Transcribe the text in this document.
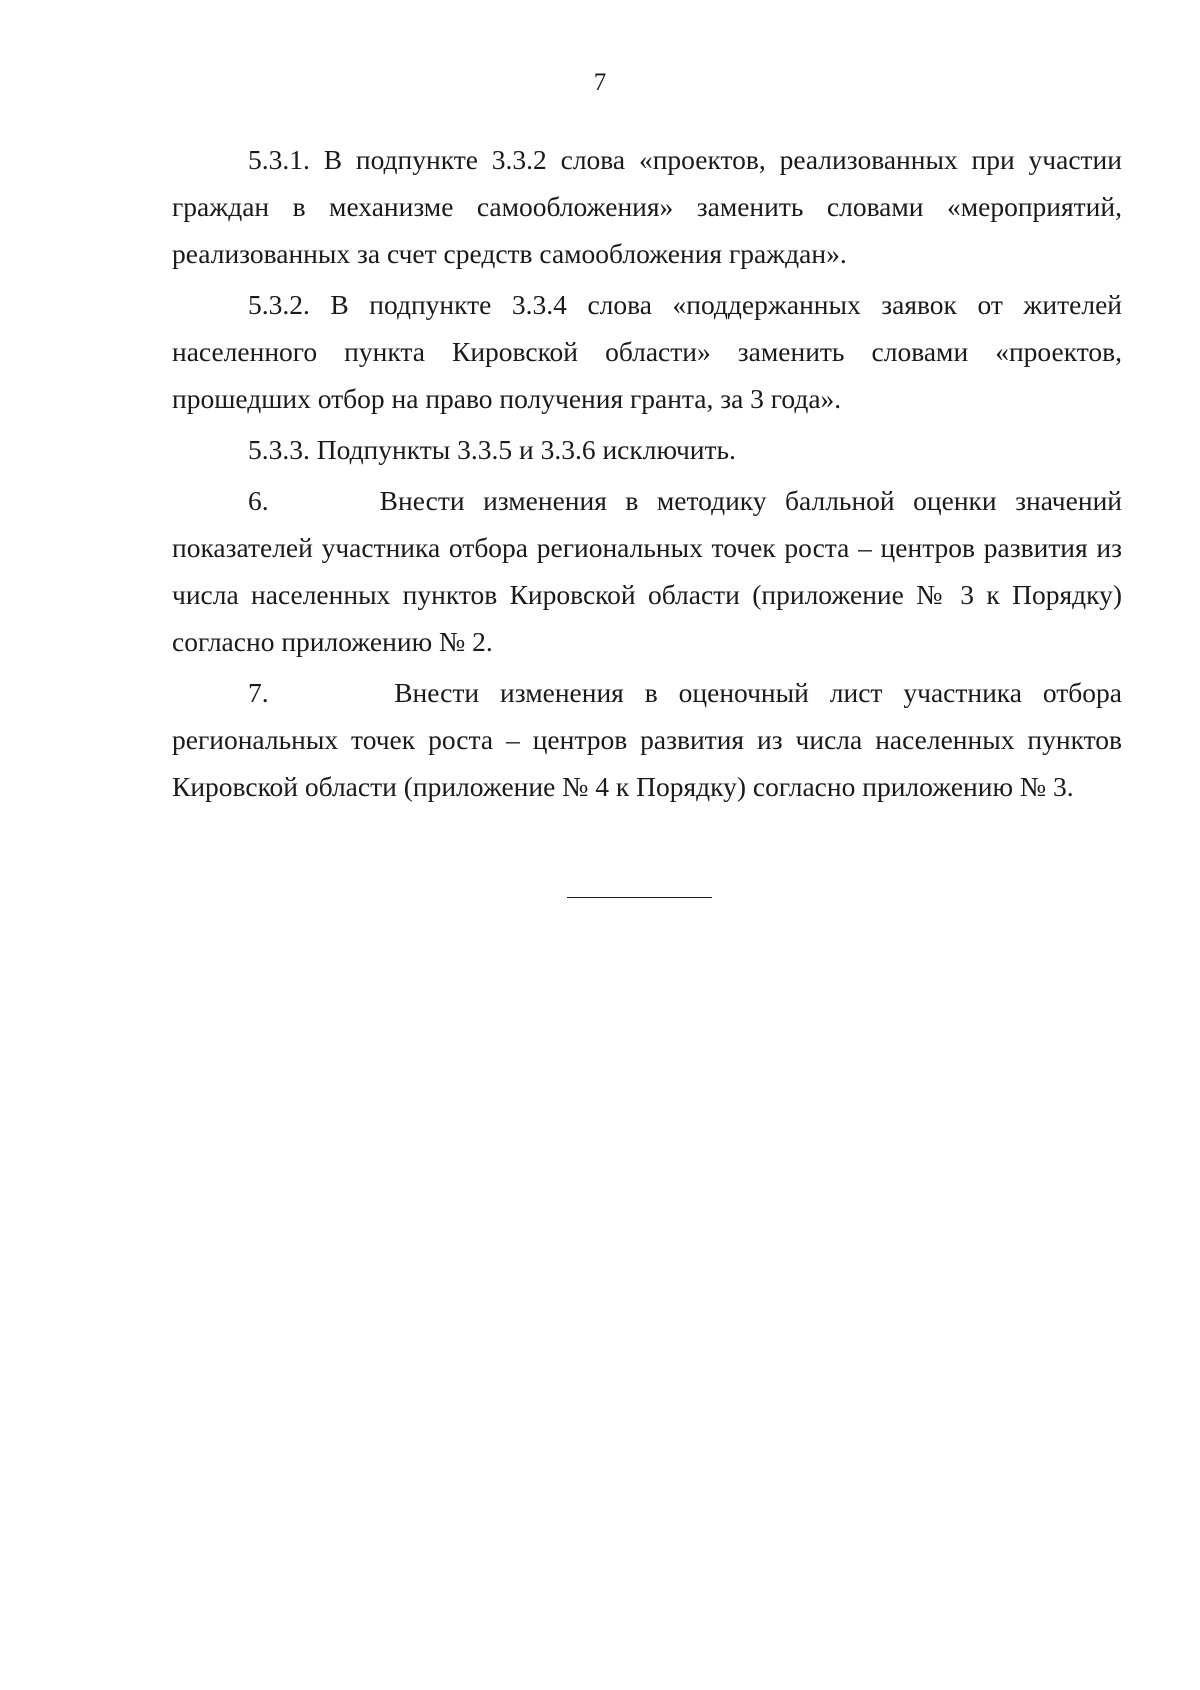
7

5.3.1. В подпункте 3.3.2 слова «проектов, реализованных при участии граждан в механизме самообложения» заменить словами «мероприятий, реализованных за счет средств самообложения граждан».

5.3.2. В подпункте 3.3.4 слова «поддержанных заявок от жителей населенного пункта Кировской области» заменить словами «проектов, прошедших отбор на право получения гранта, за 3 года».

5.3.3. Подпункты 3.3.5 и 3.3.6 исключить.

6.      Внести изменения в методику балльной оценки значений показателей участника отбора региональных точек роста – центров развития из числа населенных пунктов Кировской области (приложение № 3 к Порядку) согласно приложению № 2.

7.      Внести изменения в оценочный лист участника отбора региональных точек роста – центров развития из числа населенных пунктов Кировской области (приложение № 4 к Порядку) согласно приложению № 3.
